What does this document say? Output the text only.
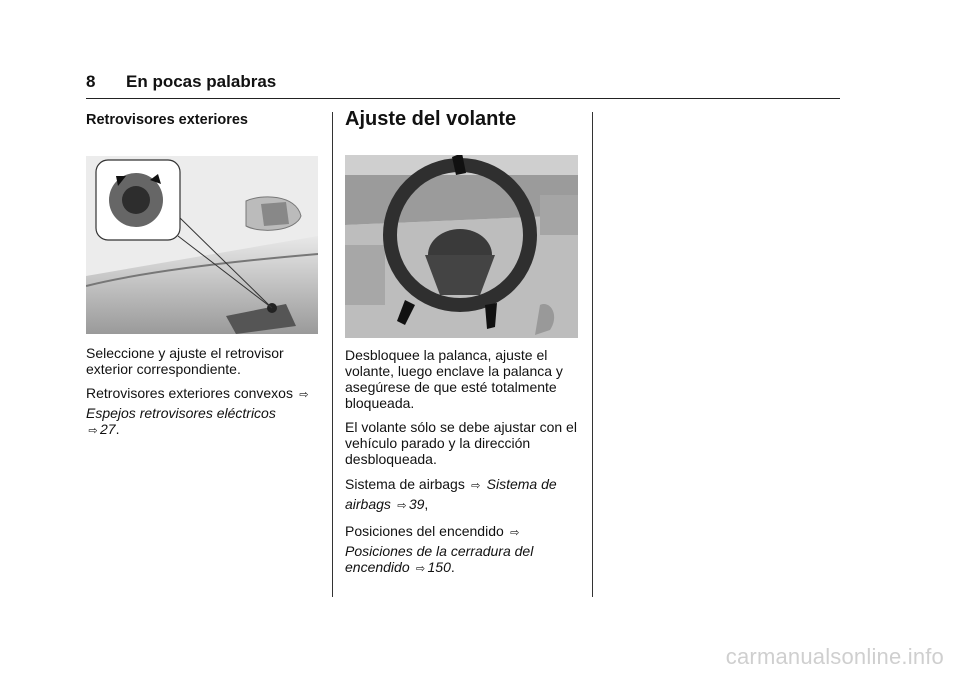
8 En pocas palabras
Retrovisores exteriores

Seleccione y ajuste el retrovisor exterior correspondiente.

Retrovisores exteriores convexos ⇨

Espejos retrovisores eléctricos
⇨ 27.

Ajuste del volante

Desbloquee la palanca, ajuste el volante, luego enclave la palanca y asegúrese de que esté totalmente bloqueada.

El volante sólo se debe ajustar con el vehículo parado y la dirección desbloqueada.

Sistema de airbags ⇨ Sistema de airbags ⇨ 39,

Posiciones del encendido ⇨

Posiciones de la cerradura del encendido ⇨ 150.

carmanualsonline.info
